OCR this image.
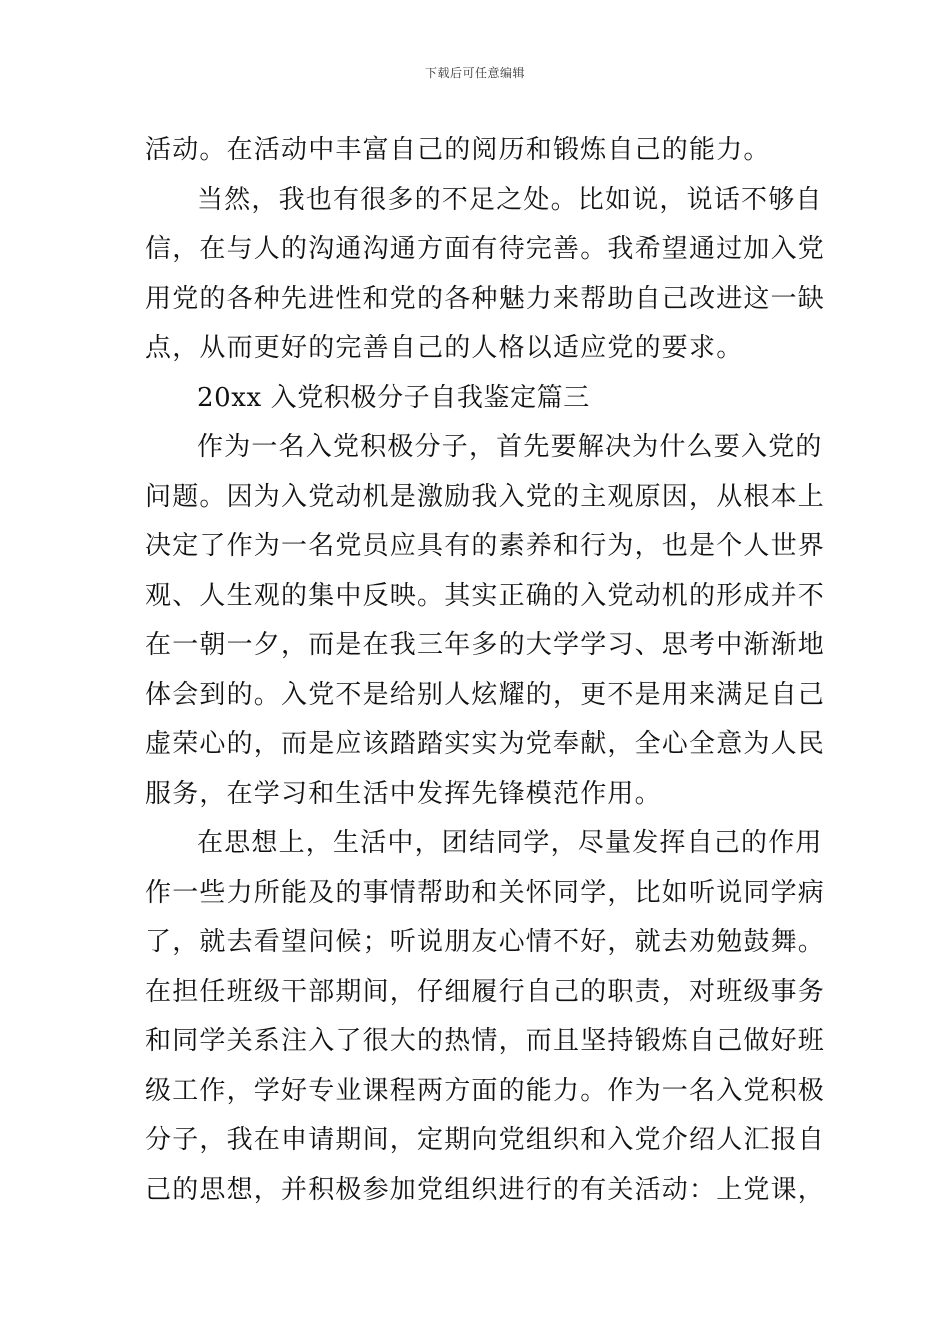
下载后可任意编辑
活动。在活动中丰富自己的阅历和锻炼自己的能力。
当然，我也有很多的不足之处。比如说，说话不够自
信，在与人的沟通沟通方面有待完善。我希望通过加入党
用党的各种先进性和党的各种魅力来帮助自己改进这一缺
点，从而更好的完善自己的人格以适应党的要求。
20xx 入党积极分子自我鉴定篇三
作为一名入党积极分子，首先要解决为什么要入党的
问题。因为入党动机是激励我入党的主观原因，从根本上
决定了作为一名党员应具有的素养和行为，也是个人世界
观、人生观的集中反映。其实正确的入党动机的形成并不
在一朝一夕，而是在我三年多的大学学习、思考中渐渐地
体会到的。入党不是给别人炫耀的，更不是用来满足自己
虚荣心的，而是应该踏踏实实为党奉献，全心全意为人民
服务，在学习和生活中发挥先锋模范作用。
在思想上，生活中，团结同学，尽量发挥自己的作用
作一些力所能及的事情帮助和关怀同学，比如听说同学病
了，就去看望问候；听说朋友心情不好，就去劝勉鼓舞。
在担任班级干部期间，仔细履行自己的职责，对班级事务
和同学关系注入了很大的热情，而且坚持锻炼自己做好班
级工作，学好专业课程两方面的能力。作为一名入党积极
分子，我在申请期间，定期向党组织和入党介绍人汇报自
己的思想，并积极参加党组织进行的有关活动：上党课，
